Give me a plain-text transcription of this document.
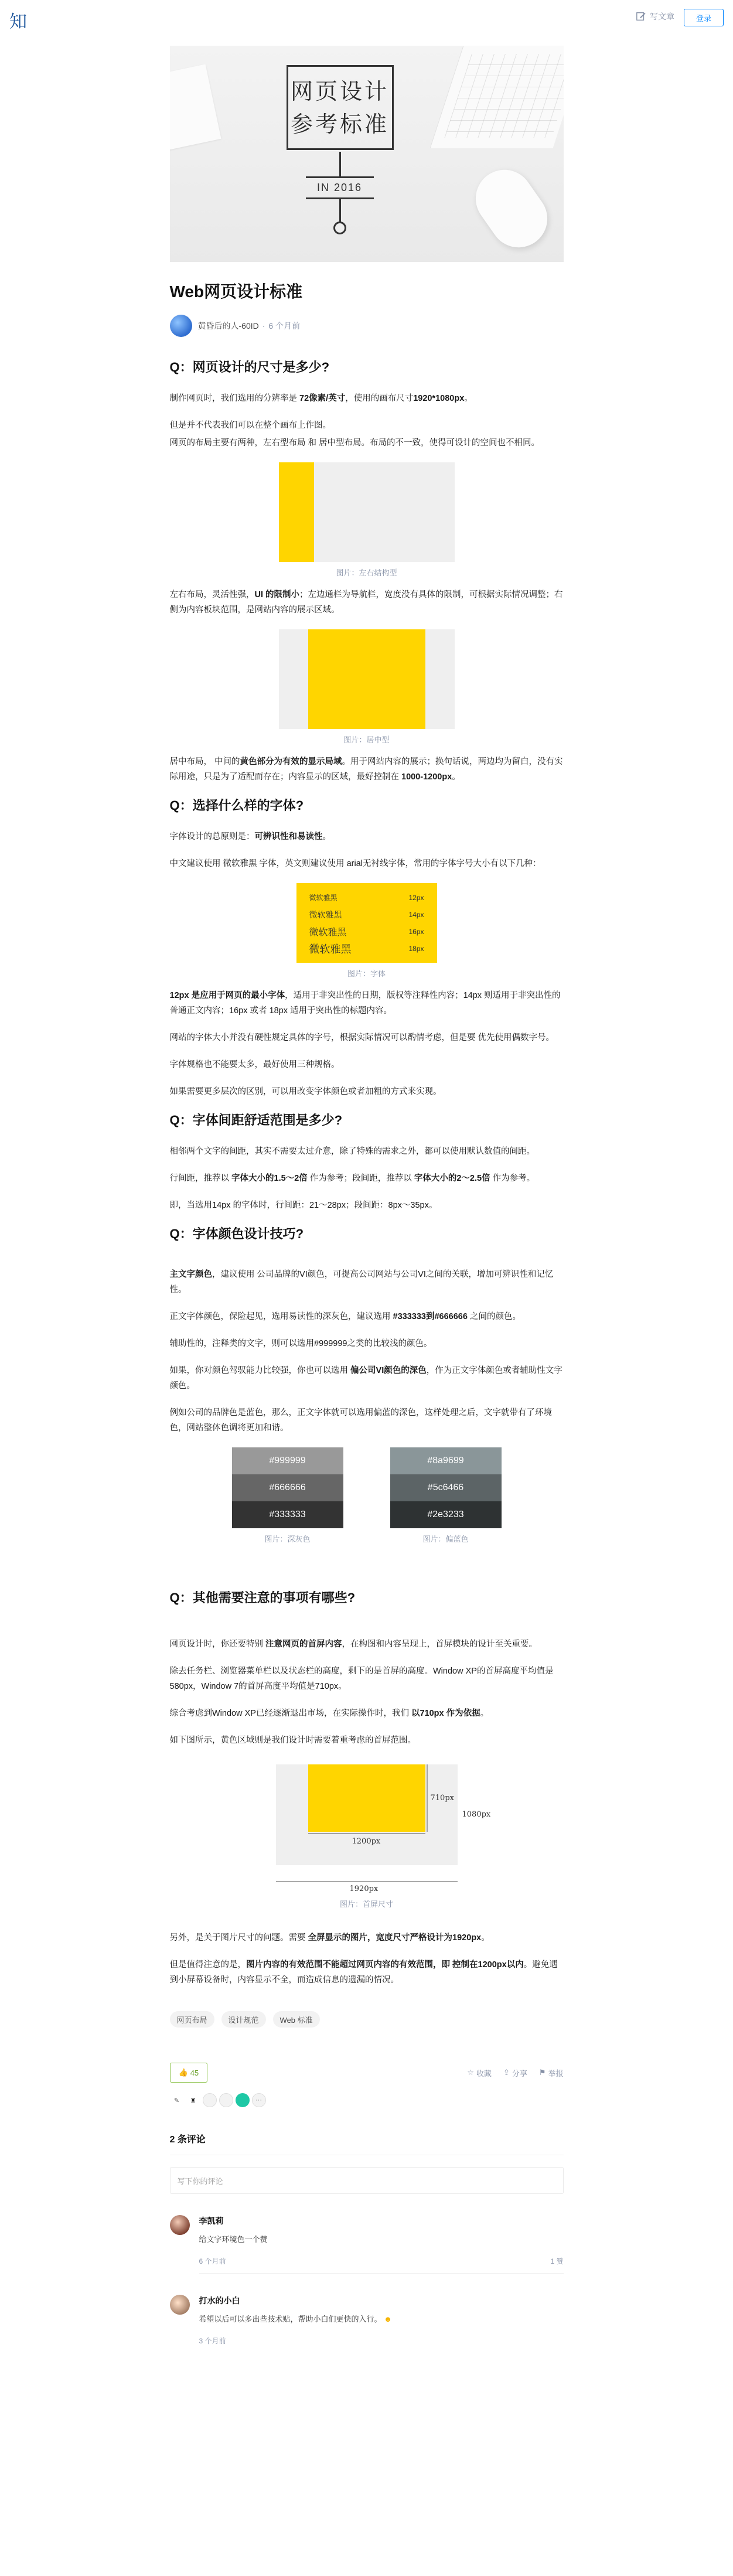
知	写文章	登录
网页设计
参考标准
IN 2016
Web网页设计标准
黄昏后的人-60ID · 6 个月前
Q：网页设计的尺寸是多少?

制作网页时，我们选用的分辨率是 72像素/英寸，使用的画布尺寸1920*1080px。

但是并不代表我们可以在整个画布上作图。

网页的布局主要有两种，左右型布局 和 居中型布局。布局的不一致，使得可设计的空间也不相同。

图片：左右结构型

左右布局，灵活性强，UI 的限制小；左边通栏为导航栏，宽度没有具体的限制，可根据实际情况调整；右侧为内容板块范围，是网站内容的展示区域。

图片：居中型

居中布局， 中间的黄色部分为有效的显示局域。用于网站内容的展示；换句话说，两边均为留白，没有实际用途，只是为了适配而存在；内容显示的区域，最好控制在 1000-1200px。

Q：选择什么样的字体?

字体设计的总原则是：可辨识性和易读性。

中文建议使用 微软雅黑 字体，英文则建议使用 arial无衬线字体，常用的字体字号大小有以下几种：

微软雅黑	12px
微软雅黑	14px
微软雅黑	16px
微软雅黑	18px
图片：字体

12px 是应用于网页的最小字体，适用于非突出性的日期，版权等注释性内容；14px 则适用于非突出性的普通正文内容；16px 或者 18px 适用于突出性的标题内容。

网站的字体大小并没有硬性规定具体的字号，根据实际情况可以酌情考虑，但是要 优先使用偶数字号。

字体规格也不能要太多，最好使用三种规格。

如果需要更多层次的区别，可以用改变字体颜色或者加粗的方式来实现。

Q：字体间距舒适范围是多少?

相邻两个文字的间距，其实不需要太过介意，除了特殊的需求之外，都可以使用默认数值的间距。

行间距，推荐以 字体大小的1.5～2倍 作为参考；段间距，推荐以 字体大小的2～2.5倍 作为参考。

即，当选用14px 的字体时，行间距：21～28px；段间距：8px～35px。

Q：字体颜色设计技巧?

主文字颜色，建议使用 公司品牌的VI颜色，可提高公司网站与公司VI之间的关联，增加可辨识性和记忆性。

正文字体颜色，保险起见，选用易读性的深灰色，建议选用 #333333到#666666 之间的颜色。

辅助性的，注释类的文字，则可以选用#999999之类的比较浅的颜色。

如果，你对颜色驾驭能力比较强，你也可以选用 偏公司VI颜色的深色，作为正文字体颜色或者辅助性文字颜色。

例如公司的品牌色是蓝色，那么，正文字体就可以选用偏蓝的深色，这样处理之后，文字就带有了环境色，网站整体色调将更加和谐。

#999999
#666666
#333333
图片：深灰色
#8a9699
#5c6466
#2e3233
图片：偏蓝色
Q：其他需要注意的事项有哪些?

网页设计时，你还要特别 注意网页的首屏内容，在构图和内容呈现上，首屏模块的设计至关重要。

除去任务栏、浏览器菜单栏以及状态栏的高度，剩下的是首屏的高度。Window XP的首屏高度平均值是580px，Window 7的首屏高度平均值是710px。

综合考虑到Window XP已经逐渐退出市场，在实际操作时，我们 以710px 作为依据。

如下图所示，黄色区域则是我们设计时需要着重考虑的首屏范围。

710px
1200px
1080px
1920px
图片：首屏尺寸

另外，是关于图片尺寸的问题。需要 全屏显示的图片，宽度尺寸严格设计为1920px。

但是值得注意的是，图片内容的有效范围不能超过网页内容的有效范围，即 控制在1200px以内。避免遇到小屏幕设备时，内容显示不全，而造成信息的遗漏的情况。

网页布局	设计规范	Web 标准
👍 45	☆ 收藏 ⇪ 分享 ⚑ 举报
✎	♜	···
2 条评论
写下你的评论
李凯莉
给文字环境色一个赞
6 个月前	1 赞
打水的小白
希望以后可以多出些技术贴，帮助小白们更快的入行。 ☻
3 个月前
